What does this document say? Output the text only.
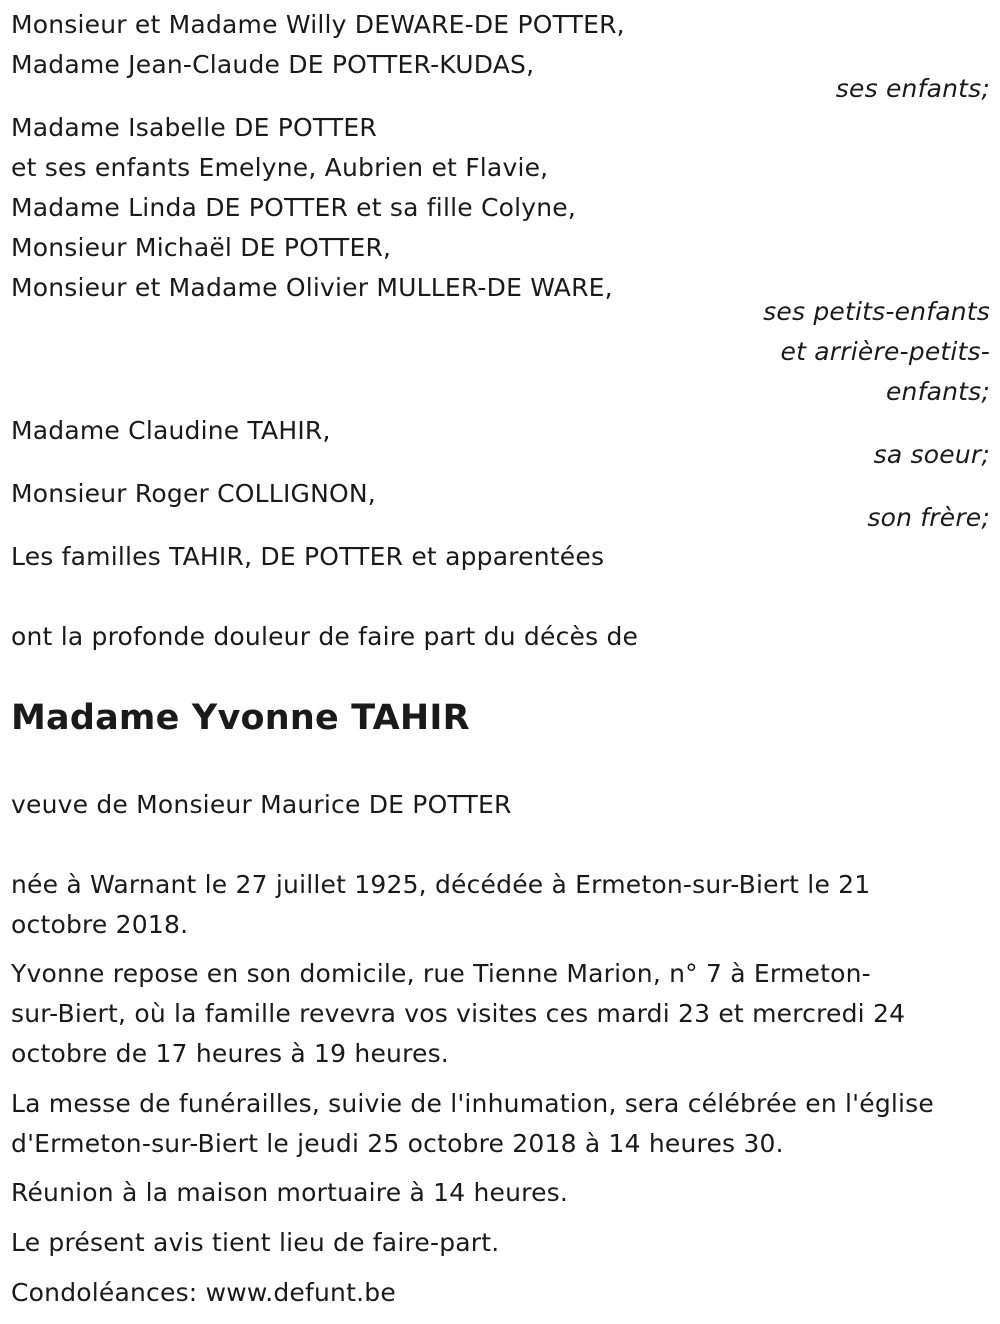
Monsieur et Madame Willy DEWARE-DE POTTER,
Madame Jean-Claude DE POTTER-KUDAS,
ses enfants;
Madame Isabelle DE POTTER
et ses enfants Emelyne, Aubrien et Flavie,
Madame Linda DE POTTER et sa fille Colyne,
Monsieur Michaël DE POTTER,
Monsieur et Madame Olivier MULLER-DE WARE,
ses petits-enfants
et arrière-petits-
enfants;
Madame Claudine TAHIR,
sa soeur;
Monsieur Roger COLLIGNON,
son frère;
Les familles TAHIR, DE POTTER et apparentées
ont la profonde douleur de faire part du décès de
Madame Yvonne TAHIR
veuve de Monsieur Maurice DE POTTER
née à Warnant le 27 juillet 1925, décédée à Ermeton-sur-Biert le 21
octobre 2018.
Yvonne repose en son domicile, rue Tienne Marion, n° 7 à Ermeton-
sur-Biert, où la famille revevra vos visites ces mardi 23 et mercredi 24
octobre de 17 heures à 19 heures.
La messe de funérailles, suivie de l'inhumation, sera célébrée en l'église
d'Ermeton-sur-Biert le jeudi 25 octobre 2018 à 14 heures 30.
Réunion à la maison mortuaire à 14 heures.
Le présent avis tient lieu de faire-part.
Condoléances: www.defunt.be
